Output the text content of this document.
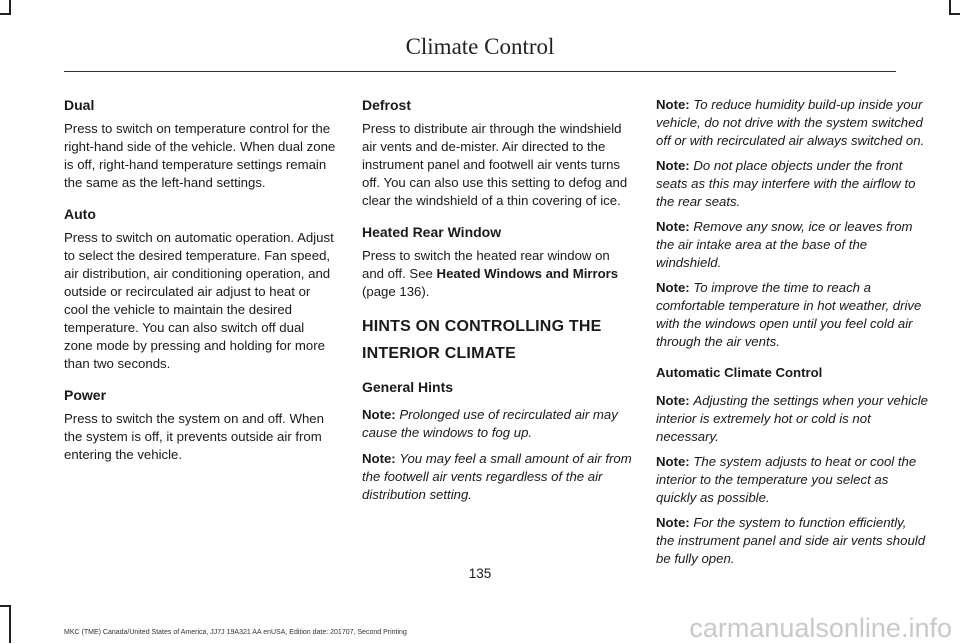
Climate Control
Dual
Press to switch on temperature control for the right-hand side of the vehicle. When dual zone is off, right-hand temperature settings remain the same as the left-hand settings.
Auto
Press to switch on automatic operation. Adjust to select the desired temperature. Fan speed, air distribution, air conditioning operation, and outside or recirculated air adjust to heat or cool the vehicle to maintain the desired temperature. You can also switch off dual zone mode by pressing and holding for more than two seconds.
Power
Press to switch the system on and off. When the system is off, it prevents outside air from entering the vehicle.
Defrost
Press to distribute air through the windshield air vents and de-mister. Air directed to the instrument panel and footwell air vents turns off. You can also use this setting to defog and clear the windshield of a thin covering of ice.
Heated Rear Window
Press to switch the heated rear window on and off. See Heated Windows and Mirrors (page 136).
HINTS ON CONTROLLING THE
INTERIOR CLIMATE
General Hints
Note: Prolonged use of recirculated air may cause the windows to fog up.
Note: You may feel a small amount of air from the footwell air vents regardless of the air distribution setting.
Note: To reduce humidity build-up inside your vehicle, do not drive with the system switched off or with recirculated air always switched on.
Note: Do not place objects under the front seats as this may interfere with the airflow to the rear seats.
Note: Remove any snow, ice or leaves from the air intake area at the base of the windshield.
Note: To improve the time to reach a comfortable temperature in hot weather, drive with the windows open until you feel cold air through the air vents.
Automatic Climate Control
Note: Adjusting the settings when your vehicle interior is extremely hot or cold is not necessary.
Note: The system adjusts to heat or cool the interior to the temperature you select as quickly as possible.
Note: For the system to function efficiently, the instrument panel and side air vents should be fully open.
135
MKC (TME) Canada/United States of America, JJ7J 19A321 AA enUSA, Edition date: 201707, Second Printing	carmanualsonline.info
